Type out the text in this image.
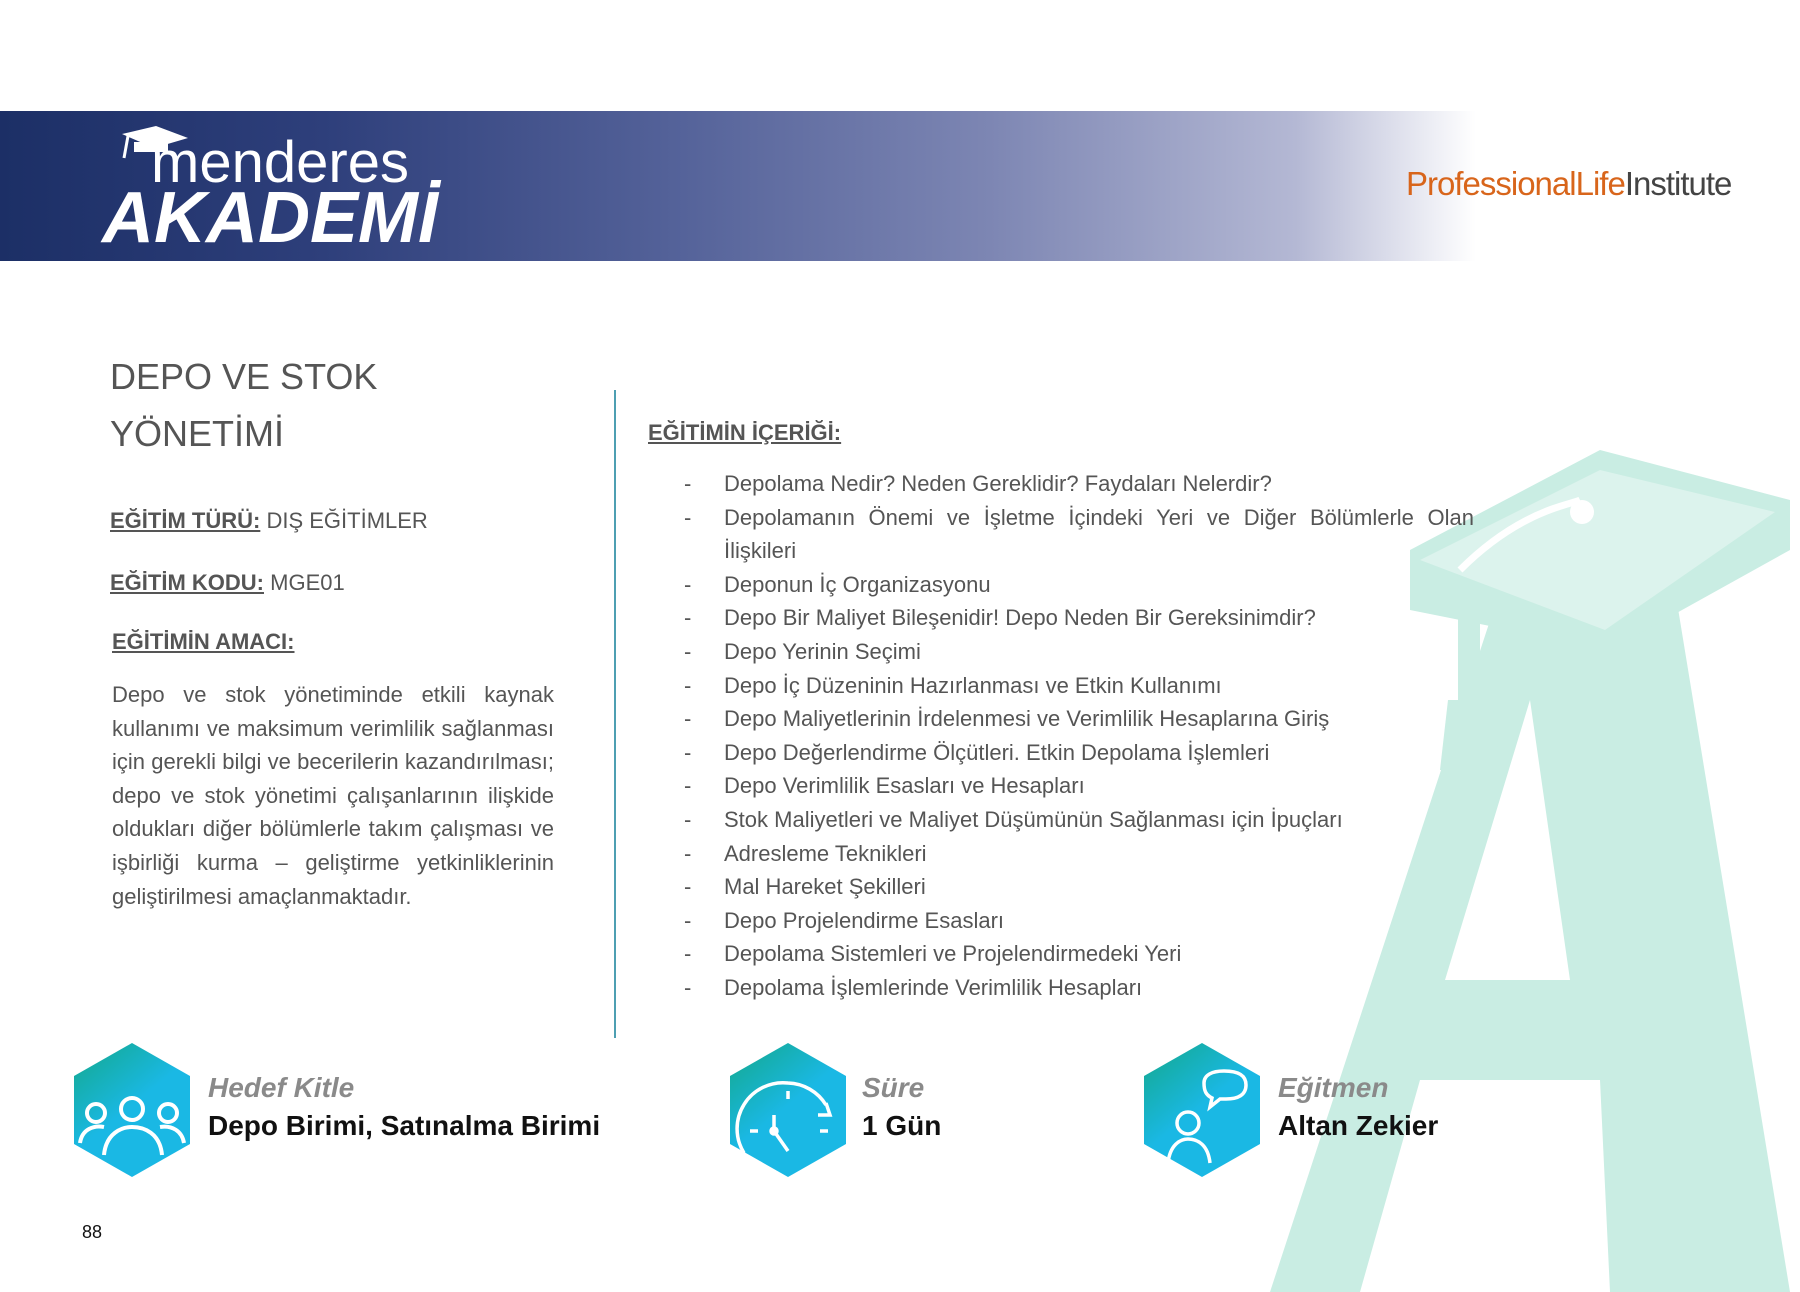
menderes
AKADEMİ	ProfessionalLifeInstitute
DEPO VE STOK
YÖNETİMİ
EĞİTİM TÜRÜ: DIŞ EĞİTİMLER
EĞİTİM KODU: MGE01
EĞİTİMİN AMACI:

Depo ve stok yönetiminde etkili kaynak kullanımı ve maksimum verimlilik sağlanması için gerekli bilgi ve becerilerin kazandırılması; depo ve stok yönetimi çalışanlarının ilişkide oldukları diğer bölümlerle takım çalışması ve işbirliği kurma – geliştirme yetkinliklerinin geliştirilmesi amaçlanmaktadır.

EĞİTİMİN İÇERİĞİ:
- Depolama Nedir? Neden Gereklidir? Faydaları Nelerdir?
- Depolamanın Önemi ve İşletme İçindeki Yeri ve Diğer Bölümlerle Olan İlişkileri
- Deponun İç Organizasyonu
- Depo Bir Maliyet Bileşenidir! Depo Neden Bir Gereksinimdir?
- Depo Yerinin Seçimi
- Depo İç Düzeninin Hazırlanması ve Etkin Kullanımı
- Depo Maliyetlerinin İrdelenmesi ve Verimlilik Hesaplarına Giriş
- Depo Değerlendirme Ölçütleri. Etkin Depolama İşlemleri
- Depo Verimlilik Esasları ve Hesapları
- Stok Maliyetleri ve Maliyet Düşümünün Sağlanması için İpuçları
- Adresleme Teknikleri
- Mal Hareket Şekilleri
- Depo Projelendirme Esasları
- Depolama Sistemleri ve Projelendirmedeki Yeri
- Depolama İşlemlerinde Verimlilik Hesapları
Hedef Kitle
Depo Birimi, Satınalma Birimi
Süre
1 Gün
Eğitmen
Altan Zekier
88
